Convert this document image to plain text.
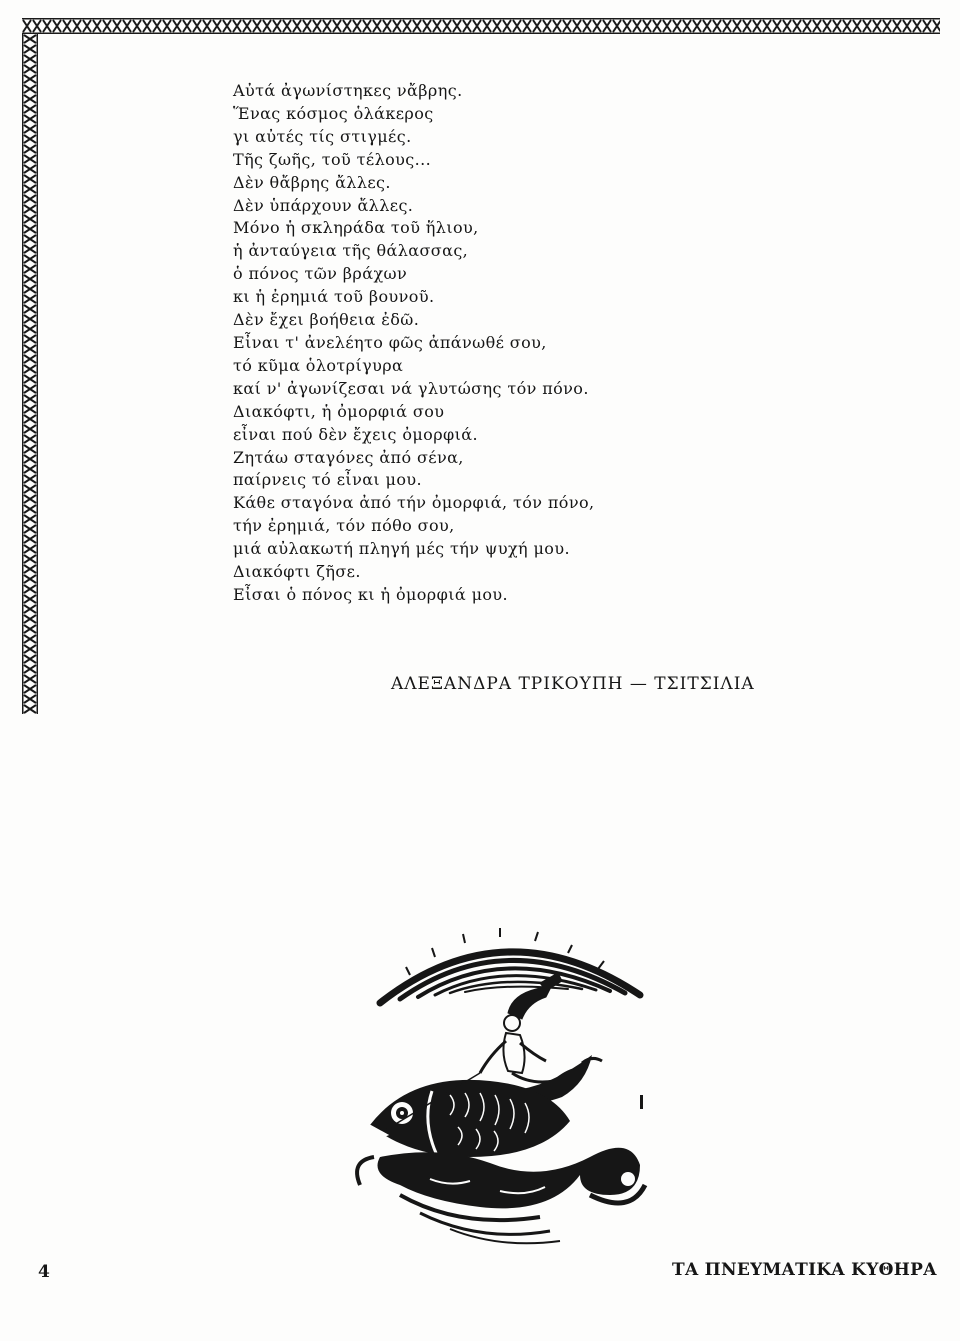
Αὐτά ἀγωνίστηκες νἄβρης.
Ἕνας κόσμος ὁλάκερος
γι αὐτές τίς στιγμές.
Τῆς ζωῆς, τοῦ τέλους...
Δὲν θἄβρης ἄλλες.
Δὲν ὑπάρχουν ἄλλες.
Μόνο ἡ σκληράδα τοῦ ἥλιου,
ἡ ἀνταύγεια τῆς θάλασσας,
ὁ πόνος τῶν βράχων
κι ἡ ἐρημιά τοῦ βουνοῦ.
Δὲν ἔχει βοήθεια ἐδῶ.
Εἶναι τ' ἀνελέητο φῶς ἀπάνωθέ σου,
τό κῦμα ὁλοτρίγυρα
καί ν' ἀγωνίζεσαι νά γλυτώσης τόν πόνο.
Διακόφτι, ἡ ὀμορφιά σου
εἶναι πού δὲν ἔχεις ὀμορφιά.
Ζητάω σταγόνες ἀπό σένα,
παίρνεις τό εἶναι μου.
Κάθε σταγόνα ἀπό τήν ὀμορφιά, τόν πόνο,
τήν ἐρημιά, τόν πόθο σου,
μιά αὐλακωτή πληγή μές τήν ψυχή μου.
Διακόφτι ζῆσε.
Εἶσαι ὁ πόνος κι ἡ ὀμορφιά μου.
ΑΛΕΞΑΝΔΡΑ ΤΡΙΚΟΥΠΗ — ΤΣΙΤΣΙΛΙΑ
4	ΤΑ ΠΝΕΥΜΑΤΙΚΑ ΚΥΘΗΡΑ
